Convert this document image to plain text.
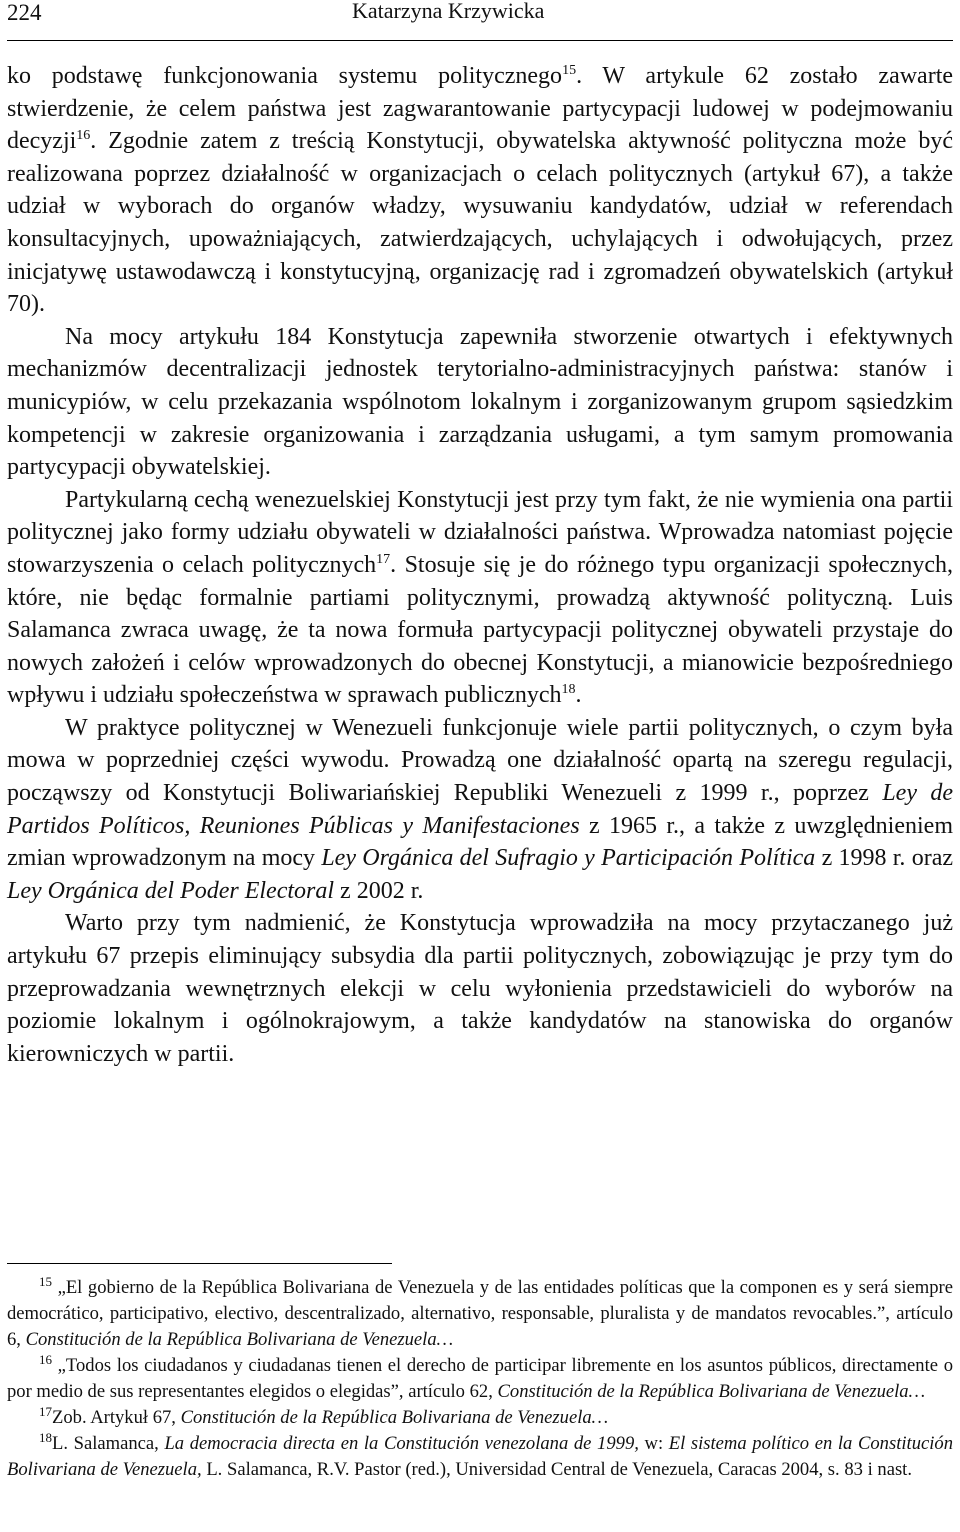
224	Katarzyna Krzywicka

ko podstawę funkcjonowania systemu politycznego$^{15}$. W artykule 62 zostało zawarte stwierdzenie, że celem państwa jest zagwarantowanie partycypacji ludowej w podejmowaniu decyzji$^{16}$. Zgodnie zatem z treścią Konstytucji, obywatelska aktywność polityczna może być realizowana poprzez działalność w organizacjach o celach politycznych (artykuł 67), a także udział w wyborach do organów władzy, wysuwaniu kandydatów, udział w referendach konsultacyjnych, upoważniających, zatwierdzających, uchylających i odwołujących, przez inicjatywę ustawodawczą i konstytucyjną, organizację rad i zgromadzeń obywatelskich (artykuł 70).

Na mocy artykułu 184 Konstytucja zapewniła stworzenie otwartych i efektywnych mechanizmów decentralizacji jednostek terytorialno-administracyjnych państwa: stanów i municypiów, w celu przekazania wspólnotom lokalnym i zorganizowanym grupom sąsiedzkim kompetencji w zakresie organizowania i zarządzania usługami, a tym samym promowania partycypacji obywatelskiej.

Partykularną cechą wenezuelskiej Konstytucji jest przy tym fakt, że nie wymienia ona partii politycznej jako formy udziału obywateli w działalności państwa. Wprowadza natomiast pojęcie stowarzyszenia o celach politycznych$^{17}$. Stosuje się je do różnego typu organizacji społecznych, które, nie będąc formalnie partiami politycznymi, prowadzą aktywność polityczną. Luis Salamanca zwraca uwagę, że ta nowa formuła partycypacji politycznej obywateli przystaje do nowych założeń i celów wprowadzonych do obecnej Konstytucji, a mianowicie bezpośredniego wpływu i udziału społeczeństwa w sprawach publicznych$^{18}$.

W praktyce politycznej w Wenezueli funkcjonuje wiele partii politycznych, o czym była mowa w poprzedniej części wywodu. Prowadzą one działalność opartą na szeregu regulacji, począwszy od Konstytucji Boliwariańskiej Republiki Wenezueli z 1999 r., poprzez Ley de Partidos Políticos, Reuniones Públicas y Manifestaciones z 1965 r., a także z uwzględnieniem zmian wprowadzonym na mocy Ley Orgánica del Sufragio y Participación Política z 1998 r. oraz Ley Orgánica del Poder Electoral z 2002 r.

Warto przy tym nadmienić, że Konstytucja wprowadziła na mocy przytaczanego już artykułu 67 przepis eliminujący subsydia dla partii politycznych, zobowiązując je przy tym do przeprowadzania wewnętrznych elekcji w celu wyłonienia przedstawicieli do wyborów na poziomie lokalnym i ogólnokrajowym, a także kandydatów na stanowiska do organów kierowniczych w partii.

$^{15}$ „El gobierno de la República Bolivariana de Venezuela y de las entidades políticas que la componen es y será siempre democrático, participativo, electivo, descentralizado, alternativo, responsable, pluralista y de mandatos revocables.”, artículo 6, Constitución de la República Bolivariana de Venezuela…

$^{16}$ „Todos los ciudadanos y ciudadanas tienen el derecho de participar libremente en los asuntos públicos, directamente o por medio de sus representantes elegidos o elegidas”, artículo 62, Constitución de la República Bolivariana de Venezuela…

$^{17}$Zob. Artykuł 67, Constitución de la República Bolivariana de Venezuela…

$^{18}$L. Salamanca, La democracia directa en la Constitución venezolana de 1999, w: El sistema político en la Constitución Bolivariana de Venezuela, L. Salamanca, R.V. Pastor (red.), Universidad Central de Venezuela, Caracas 2004, s. 83 i nast.
